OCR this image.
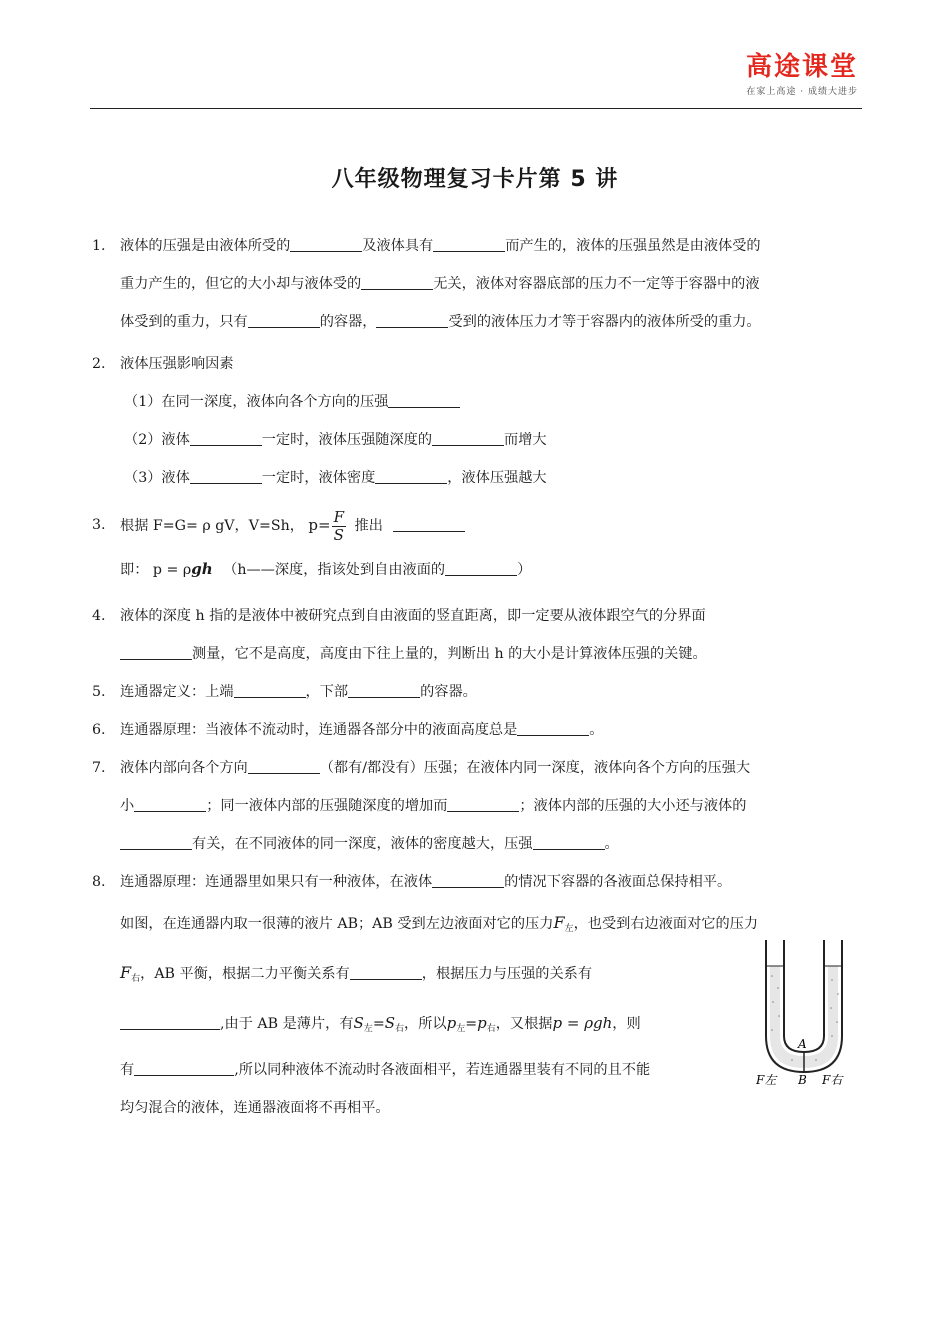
高途课堂
在家上高途 · 成绩大进步
八年级物理复习卡片第 5 讲
1. 液体的压强是由液体所受的	及液体具有	而产生的，液体的压强虽然是由液体受的
重力产生的，但它的大小却与液体受的	无关，液体对容器底部的压力不一定等于容器中的液
体受到的重力，只有	的容器，	受到的液体压力才等于容器内的液体所受的重力。
2. 液体压强影响因素
（1）在同一深度，液体向各个方向的压强
（2）液体	一定时，液体压强随深度的	而增大
（3）液体	一定时，液体密度	，液体压强越大
3. 根据 F=G= ρ gV，V=Sh， $p= \frac{F}{S}$ 推出
即： p = ρgh （h——深度，指该处到自由液面的	）
4. 液体的深度 h 指的是液体中被研究点到自由液面的竖直距离，即一定要从液体跟空气的分界面
测量，它不是高度，高度由下往上量的，判断出 h 的大小是计算液体压强的关键。
5. 连通器定义：上端	，下部	的容器。
6. 连通器原理：当液体不流动时，连通器各部分中的液面高度总是	。
7. 液体内部向各个方向	（都有/都没有）压强；在液体内同一深度，液体向各个方向的压强大
小	；同一液体内部的压强随深度的增加而	；液体内部的压强的大小还与液体的
有关，在不同液体的同一深度，液体的密度越大，压强	。
8. 连通器原理：连通器里如果只有一种液体，在液体	的情况下容器的各液面总保持相平。
如图，在连通器内取一很薄的液片 AB；AB 受到左边液面对它的压力$F_左$，也受到右边液面对它的压力
$F_右$，AB 平衡，根据二力平衡关系有	，根据压力与压强的关系有
,由于 AB 是薄片，有$S_左=S_右$，所以$p_左=p_右$，又根据p = ρgh，则
有	,所以同种液体不流动时各液面相平，若连通器里装有不同的且不能
均匀混合的液体，连通器液面将不再相平。
A
B
F左	F右
